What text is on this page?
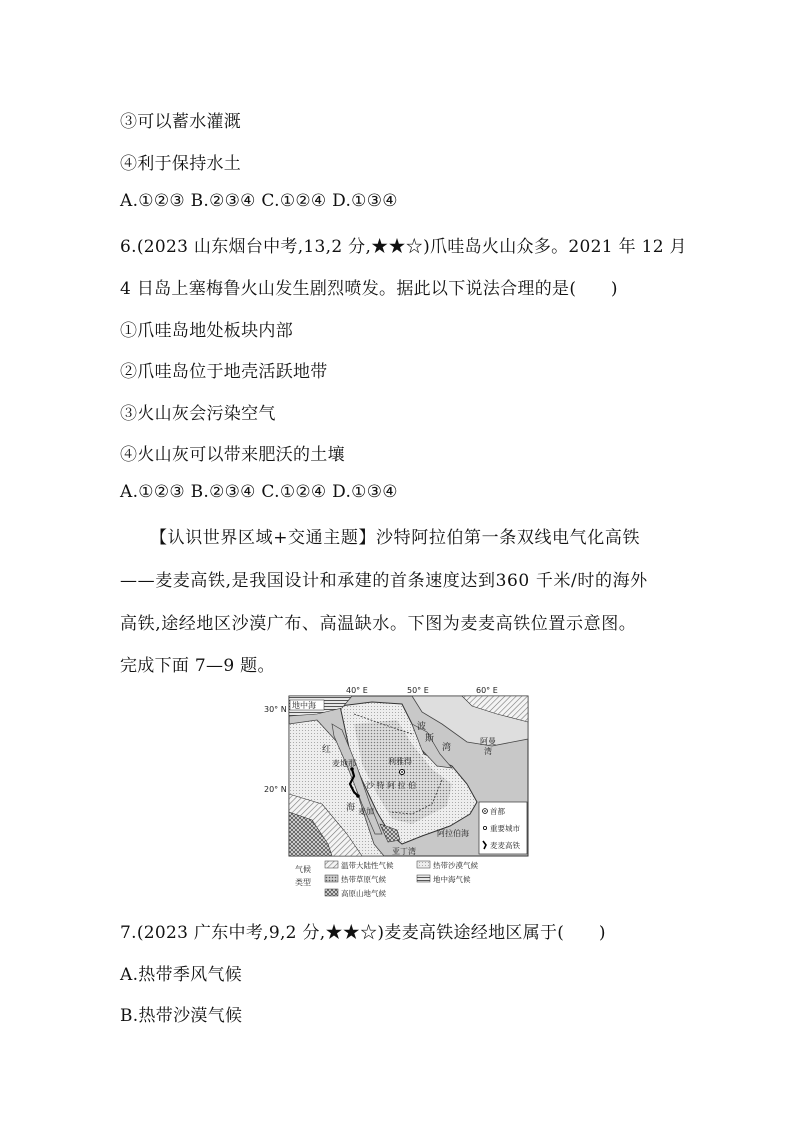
③可以蓄水灌溉
④利于保持水土
A.①②③ B.②③④ C.①②④ D.①③④
6.(2023 山东烟台中考,13,2 分,★★☆)爪哇岛火山众多。2021 年 12 月
4 日岛上塞梅鲁火山发生剧烈喷发。据此以下说法合理的是(　　)
①爪哇岛地处板块内部
②爪哇岛位于地壳活跃地带
③火山灰会污染空气
④火山灰可以带来肥沃的土壤
A.①②③ B.②③④ C.①②④ D.①③④
【认识世界区域+交通主题】沙特阿拉伯第一条双线电气化高铁
——麦麦高铁,是我国设计和承建的首条速度达到360 千米/时的海外
高铁,途经地区沙漠广布、高温缺水。下图为麦麦高铁位置示意图。
完成下面 7—9 题。
40° E	50° E	60° E
30° N
20° N
地中海
红
海
麦地那
麦加
利雅得
沙 特 阿 拉 伯
波
斯
湾
阿曼
湾
阿拉伯海
亚丁湾
首都
重要城市
麦麦高铁
气候
类型
温带大陆性气候	热带沙漠气候
热带草原气候	地中海气候
高原山地气候
7.(2023 广东中考,9,2 分,★★☆)麦麦高铁途经地区属于(　　)
A.热带季风气候
B.热带沙漠气候
